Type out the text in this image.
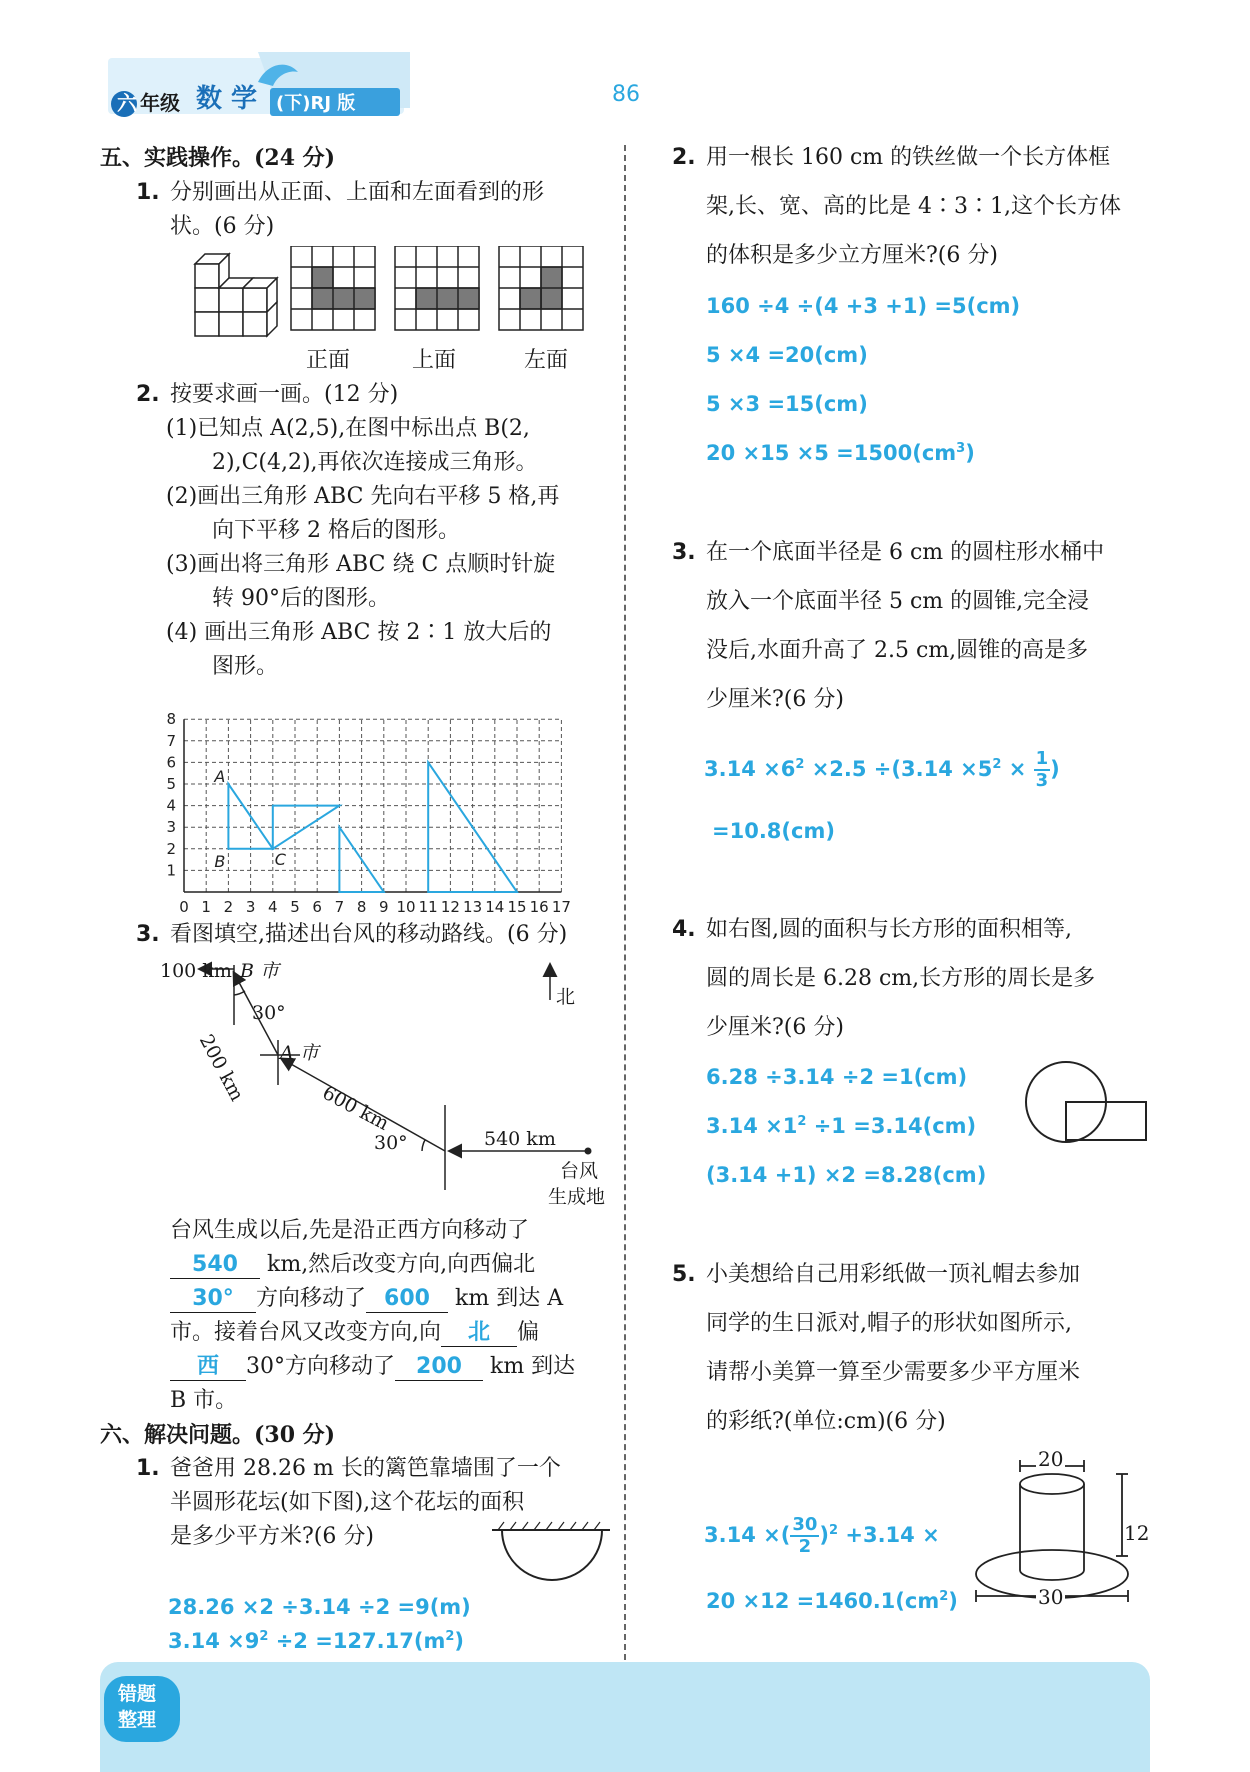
六 年级 数 学 (下)RJ 版	86
五、实践操作。(24 分)
1. 分别画出从正面、上面和左面看到的形
状。(6 分)
正面	上面	左面
2. 按要求画一画。(12 分)
(1)已知点 A(2,5),在图中标出点 B(2,
2),C(4,2),再依次连接成三角形。
(2)画出三角形 ABC 先向右平移 5 格,再
向下平移 2 格后的图形。
(3)画出将三角形 ABC 绕 C 点顺时针旋
转 90°后的图形。
(4) 画出三角形 ABC 按 2∶1 放大后的
图形。
0 1 2 3 4 5 6 7 8 9 10 11 12 13 14 15 16 17
1
2
3
4
5
6
7
8
A
B	C
3. 看图填空,描述出台风的移动路线。(6 分)
100 km B 市
30°
200 km A 市
600 km
30°	540 km
台风
生成地
北
台风生成以后,先是沿正西方向移动了
540 km,然后改变方向,向西偏北
30° 方向移动了 600 km 到达 A
市。接着台风又改变方向,向 北 偏
西 30°方向移动了 200 km 到达
B 市。
六、解决问题。(30 分)
1. 爸爸用 28.26 m 长的篱笆靠墙围了一个
半圆形花坛(如下图),这个花坛的面积
是多少平方米?(6 分)
28.26 ×2 ÷3.14 ÷2 =9(m)
$3.14 \times 9^2 \div 2 =127.17(m^2)$
2. 用一根长 160 cm 的铁丝做一个长方体框
架,长、宽、高的比是 4∶3∶1,这个长方体
的体积是多少立方厘米?(6 分)
160 ÷4 ÷(4 +3 +1) =5(cm)
5 ×4 =20(cm)
5 ×3 =15(cm)
$20 \times 15 \times 5 =1500(cm^3)$
3. 在一个底面半径是 6 cm 的圆柱形水桶中
放入一个底面半径 5 cm 的圆锥,完全浸
没后,水面升高了 2.5 cm,圆锥的高是多
少厘米?(6 分)
$3.14 \times 6^2 \times 2.5 \div(3.14 \times 5^2 \times \frac{1}{3}$ )
=10.8(cm)
4. 如右图,圆的面积与长方形的面积相等,
圆的周长是 6.28 cm,长方形的周长是多
少厘米?(6 分)
6.28 ÷3.14 ÷2 =1(cm)
$3.14 \times 1^2 \div 1 =3.14(cm)$
(3.14 +1) ×2 =8.28(cm)
5. 小美想给自己用彩纸做一顶礼帽去参加
同学的生日派对,帽子的形状如图所示,
请帮小美算一算至少需要多少平方厘米
的彩纸?(单位:cm)(6 分)
3.14 ×( $\frac{30}{2} )^2 +3.14$ ×
$20 \times 12 =1460.1(cm^2)$
20
12
30
错题
整理
